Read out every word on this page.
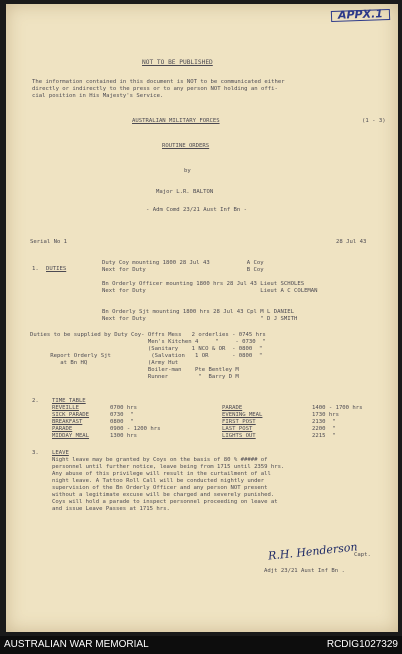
APPX.1
NOT TO BE PUBLISHED
The information contained in this document is NOT to be communicated either
directly or indirectly to the press or to any person NOT holding an offi-
cial position in His Majesty's Service.
AUSTRALIAN MILITARY FORCES	(1 - 3)
ROUTINE ORDERS
by
Major L.R. BALTON
- Adm Comd 23/21 Aust Inf Bn -
Serial No 1	28 Jul 43
1. DUTIES
Duty Coy mounting 1800 28 Jul 43           A Coy
Next for Duty                              B Coy
Bn Orderly Officer mounting 1800 hrs 28 Jul 43 Lieut SCHOLES
Next for Duty                                  Lieut A C COLEMAN
Bn Orderly Sjt mounting 1800 hrs 28 Jul 43 Cpl M L DANIEL
Next for Duty                                  " D J SMITH
Duties to be supplied by Duty Coy- Offrs Mess   2 orderlies - 0745 hrs
Men's Kitchen 4     "     - 0730  "
(Sanitary    1 NCO & OR  - 0800  "
Report Orderly Sjt            (Salvation   1 OR       - 0800  "
at Bn HQ                  (Army Hut
Boiler-man    Pte Bentley M
Runner         "  Barry D M
2. TIME TABLE
REVEILLE	0700 hrs
SICK PARADE	0730  "
BREAKFAST	0800  "
PARADE	0900 - 1200 hrs
MIDDAY MEAL	1300 hrs
PARADE	1400 - 1700 hrs
EVENING MEAL	1730 hrs
FIRST POST	2130  "
LAST POST	2200  "
LIGHTS OUT	2215  "
3. LEAVE
Night leave may be granted by Coys on the basis of 80 % ##### of
personnel until further notice, leave being from 1715 until 2359 hrs.
Any abuse of this privilege will result in the curtailment of all
night leave. A Tattoo Roll Call will be conducted nightly under
supervision of the Bn Orderly Officer and any person NOT present
without a legitimate excuse will be charged and severely punished.
Coys will hold a parade to inspect personnel proceeding on leave at
and issue Leave Passes at 1715 hrs.
R.H. Henderson
Capt.
Adjt 23/21 Aust Inf Bn .
AUSTRALIAN WAR MEMORIAL	RCDIG1027329
